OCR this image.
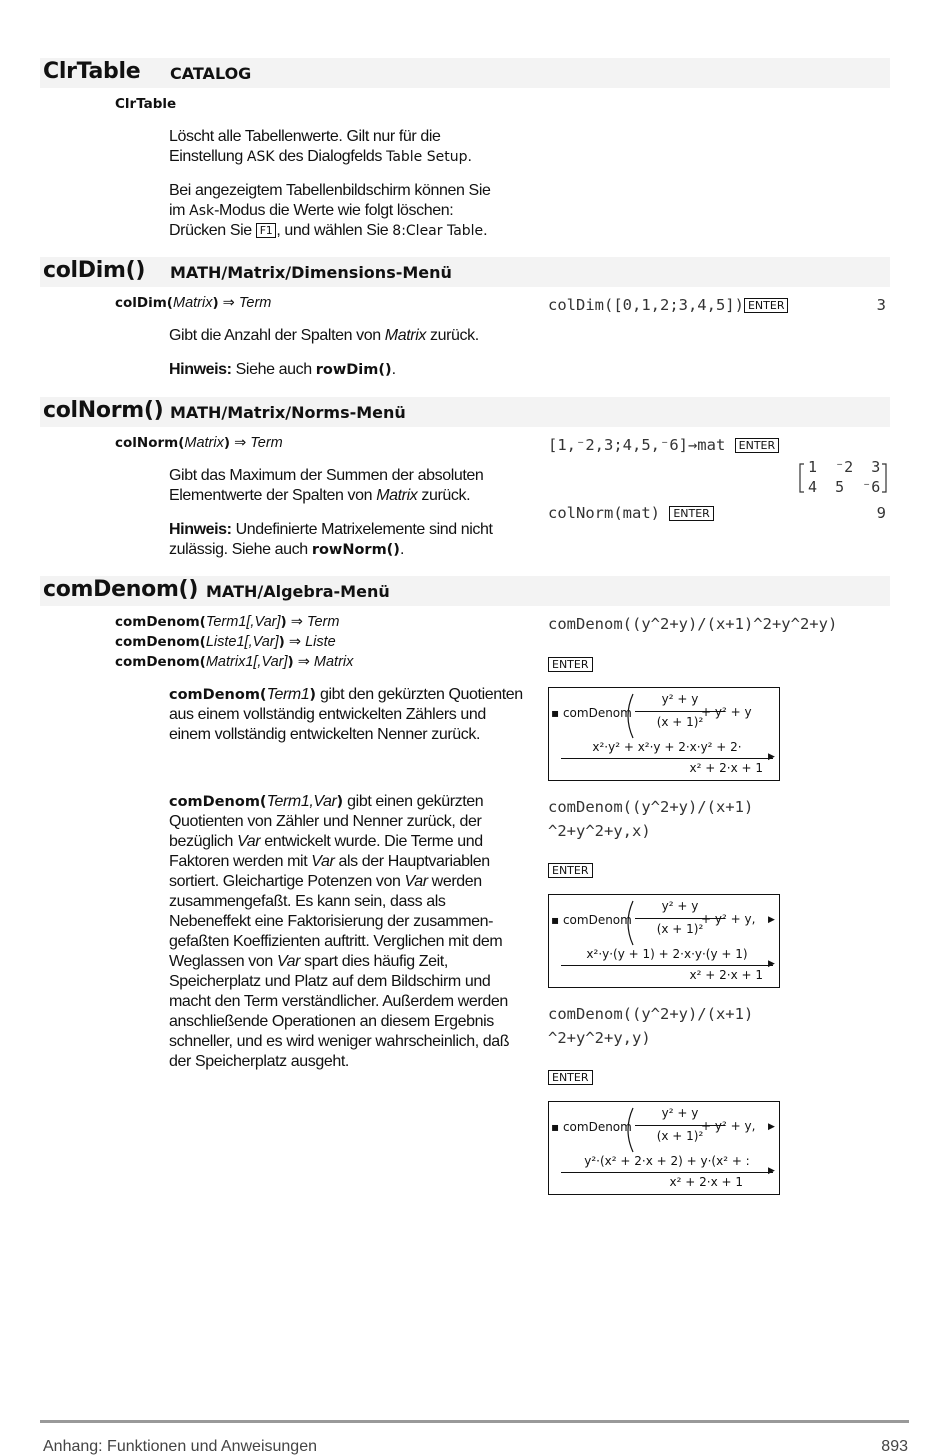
ClrTable CATALOG
ClrTable
Löscht alle Tabellenwerte. Gilt nur für die
Einstellung ASK des Dialogfelds Table Setup.
Bei angezeigtem Tabellenbildschirm können Sie
im Ask-Modus die Werte wie folgt löschen:
Drücken Sie F1 , und wählen Sie 8:Clear Table.
colDim() MATH/Matrix/Dimensions-Menü
colDim(Matrix) ⇒ Term
Gibt die Anzahl der Spalten von Matrix zurück.
Hinweis: Siehe auch rowDim().
colDim([0,1,2;3,4,5]) ENTER	3
colNorm() MATH/Matrix/Norms-Menü
colNorm(Matrix) ⇒ Term
Gibt das Maximum der Summen der absoluten
Elementwerte der Spalten von Matrix zurück.
Hinweis: Undefinierte Matrixelemente sind nicht
zulässig. Siehe auch rowNorm().
[1,⁻2,3;4,5,⁻6]→mat ENTER
1  ⁻2  3
4  5  ⁻6
colNorm(mat) ENTER	9
comDenom() MATH/Algebra-Menü
comDenom(Term1[,Var]) ⇒ Term
comDenom(Liste1[,Var]) ⇒ Liste
comDenom(Matrix1[,Var]) ⇒ Matrix
comDenom(Term1) gibt den gekürzten Quotienten
aus einem vollständig entwickelten Zählers und
einem vollständig entwickelten Nenner zurück.
comDenom(Term1,Var) gibt einen gekürzten
Quotienten von Zähler und Nenner zurück, der
bezüglich Var entwickelt wurde. Die Terme und
Faktoren werden mit Var als der Hauptvariablen
sortiert. Gleichartige Potenzen von Var werden
zusammengefaßt. Es kann sein, dass als
Nebeneffekt eine Faktorisierung der zusammen-
gefaßten Koeffizienten auftritt. Verglichen mit dem
Weglassen von Var spart dies häufig Zeit,
Speicherplatz und Platz auf dem Bildschirm und
macht den Term verständlicher. Außerdem werden
anschließende Operationen an diesem Ergebnis
schneller, und es wird weniger wahrscheinlich, daß
der Speicherplatz ausgeht.
comDenom((y^2+y)/(x+1)^2+y^2+y)
ENTER
▪ comDenom
y² + y
(x + 1)²
+ y² + y
x²·y² + x²·y + 2·x·y² + 2·
x² + 2·x + 1
▶
comDenom((y^2+y)/(x+1)
^2+y^2+y,x)
ENTER
▪ comDenom
y² + y
(x + 1)²
+ y² + y, ▶
x²·y·(y + 1) + 2·x·y·(y + 1)
x² + 2·x + 1
▶
comDenom((y^2+y)/(x+1)
^2+y^2+y,y)
ENTER
▪ comDenom
y² + y
(x + 1)²
+ y² + y, ▶
y²·(x² + 2·x + 2) + y·(x² + :
x² + 2·x + 1
▶
Anhang: Funktionen und Anweisungen	893
